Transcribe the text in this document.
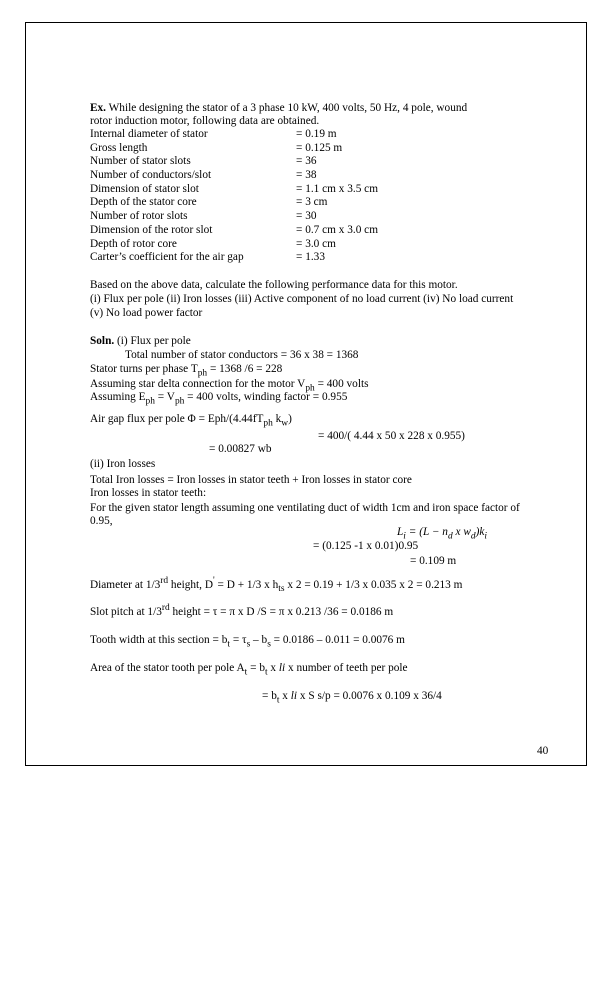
Ex. While designing the stator of a 3 phase 10 kW, 400 volts, 50 Hz, 4 pole, wound
rotor induction motor, following data are obtained.
Internal diameter of stator	= 0.19 m
Gross length	= 0.125 m
Number of stator slots	= 36
Number of conductors/slot	= 38
Dimension of stator slot	= 1.1 cm x 3.5 cm
Depth of the stator core	= 3 cm
Number of rotor slots	= 30
Dimension of the rotor slot	= 0.7 cm x 3.0 cm
Depth of rotor core	= 3.0 cm
Carter’s coefficient for the air gap	= 1.33
Based on the above data, calculate the following performance data for this motor.
(i) Flux per pole (ii) Iron losses (iii) Active component of no load current (iv) No load current
(v) No load power factor
Soln. (i) Flux per pole
Total number of stator conductors = 36 x 38 = 1368
Stator turns per phase $T_{ph} = 1368$ /6 = 228
Assuming star delta connection for the motor $V_{ph} = 400$ volts
Assuming $E_{ph} = V_{ph} = 400$ volts, winding factor = 0.955
Air gap flux per pole Φ = Eph/($4.44fT_{ph}$ $k_w$)
= 400/( 4.44 x 50 x 228 x 0.955)
= 0.00827 wb
(ii) Iron losses
Total Iron losses = Iron losses in stator teeth + Iron losses in stator core
Iron losses in stator teeth:
For the given stator length assuming one ventilating duct of width 1cm and iron space factor of
0.95,
$L_i = (L - n_d$ x $w_d)k_i$
= (0.125 -1 x 0.01)0.95
= 0.109 m
Diameter at 1/3rd height, D' = D + 1/3 x $h_{ts}$ x 2 = 0.19 + 1/3 x 0.035 x 2 = 0.213 m
Slot pitch at 1/3rd height = τ = π x D /S = π x 0.213 /36 = 0.0186 m
Tooth width at this section = $b_t = \tau_s - b_s = 0.0186 - 0.011 = 0.0076$ m
Area of the stator tooth per pole $A_t = b_t$ x li x number of teeth per pole
= $b_t$ x li x S s/p = 0.0076 x 0.109 x 36/4
40
